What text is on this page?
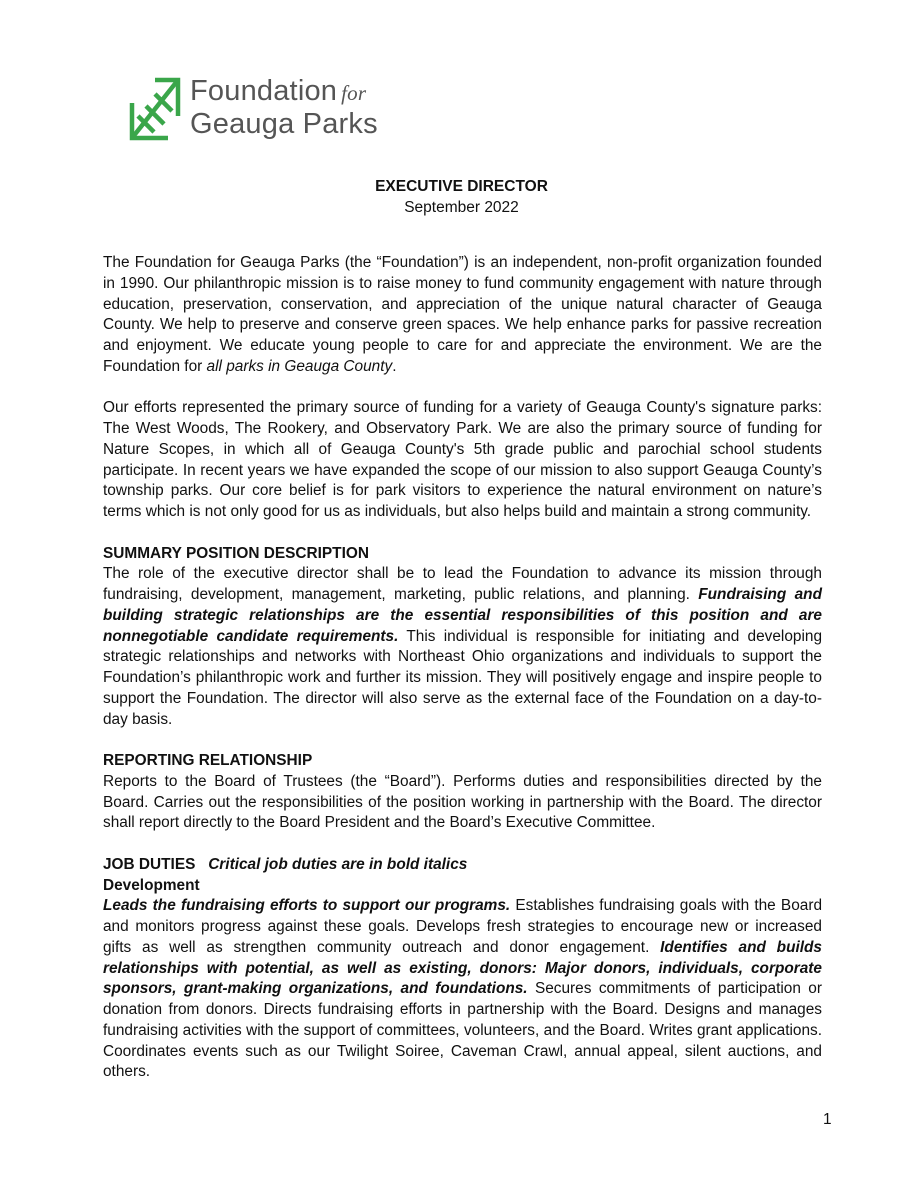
Foundation for
Geauga Parks
EXECUTIVE DIRECTOR
September 2022

The Foundation for Geauga Parks (the “Foundation”) is an independent, non-profit organization founded in 1990. Our philanthropic mission is to raise money to fund community engagement with nature through education, preservation, conservation, and appreciation of the unique natural character of Geauga County. We help to preserve and conserve green spaces. We help enhance parks for passive recreation and enjoyment. We educate young people to care for and appreciate the environment. We are the Foundation for all parks in Geauga County.

Our efforts represented the primary source of funding for a variety of Geauga County's signature parks: The West Woods, The Rookery, and Observatory Park. We are also the primary source of funding for Nature Scopes, in which all of Geauga County's 5th grade public and parochial school students participate. In recent years we have expanded the scope of our mission to also support Geauga County’s township parks. Our core belief is for park visitors to experience the natural environment on nature’s terms which is not only good for us as individuals, but also helps build and maintain a strong community.

SUMMARY POSITION DESCRIPTION

The role of the executive director shall be to lead the Foundation to advance its mission through fundraising, development, management, marketing, public relations, and planning. Fundraising and building strategic relationships are the essential responsibilities of this position and are nonnegotiable candidate requirements. This individual is responsible for initiating and developing strategic relationships and networks with Northeast Ohio organizations and individuals to support the Foundation’s philanthropic work and further its mission. They will positively engage and inspire people to support the Foundation. The director will also serve as the external face of the Foundation on a day-to-day basis.

REPORTING RELATIONSHIP

Reports to the Board of Trustees (the “Board”). Performs duties and responsibilities directed by the Board. Carries out the responsibilities of the position working in partnership with the Board. The director shall report directly to the Board President and the Board’s Executive Committee.

JOB DUTIES Critical job duties are in bold italics

Development

Leads the fundraising efforts to support our programs. Establishes fundraising goals with the Board and monitors progress against these goals. Develops fresh strategies to encourage new or increased gifts as well as strengthen community outreach and donor engagement. Identifies and builds relationships with potential, as well as existing, donors: Major donors, individuals, corporate sponsors, grant-making organizations, and foundations. Secures commitments of participation or donation from donors. Directs fundraising efforts in partnership with the Board. Designs and manages fundraising activities with the support of committees, volunteers, and the Board. Writes grant applications. Coordinates events such as our Twilight Soiree, Caveman Crawl, annual appeal, silent auctions, and others.

1
